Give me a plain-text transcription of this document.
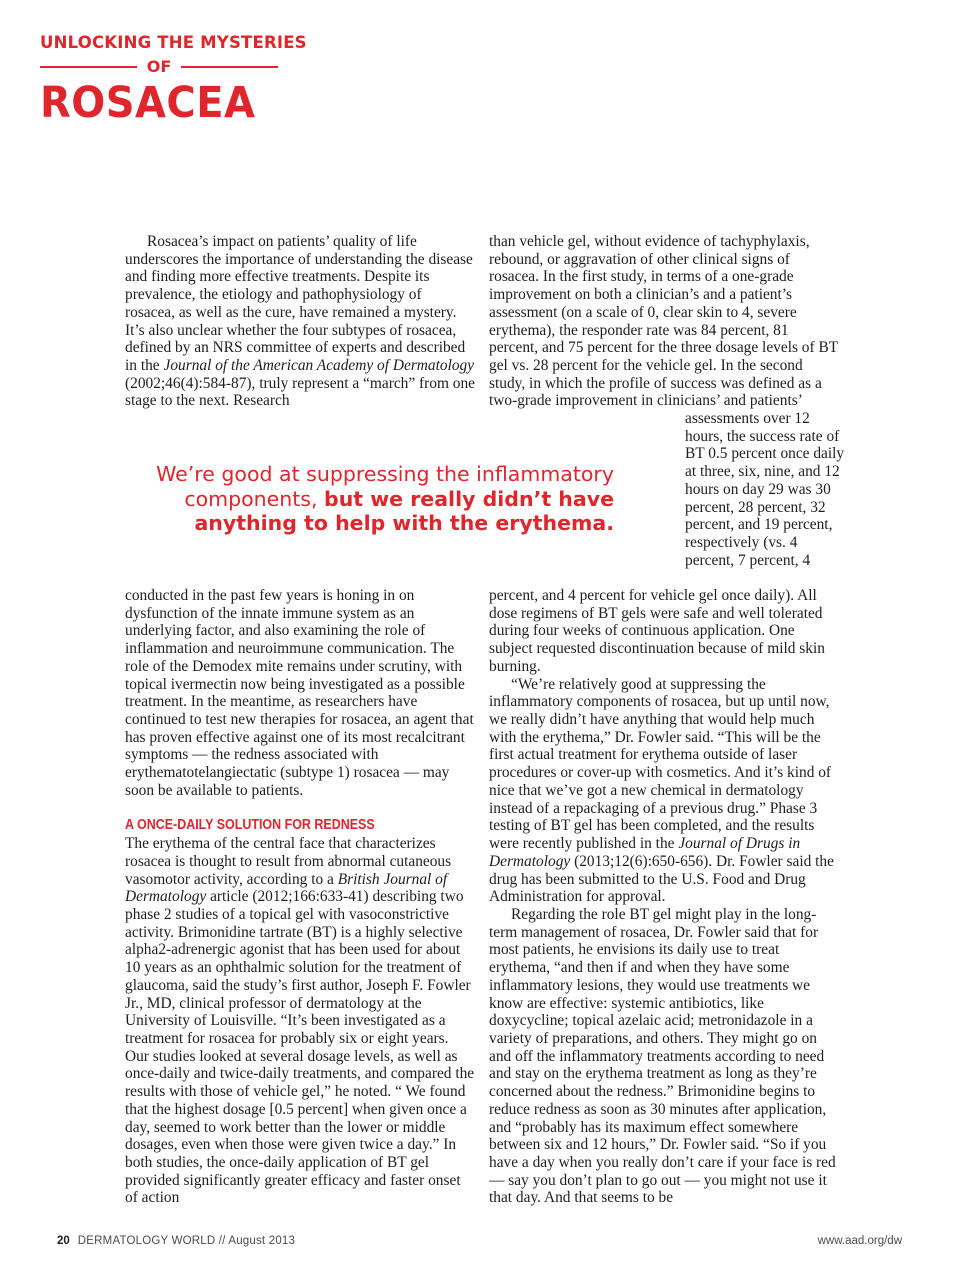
UNLOCKING THE MYSTERIES
OF
ROSACEA

Rosacea’s impact on patients’ quality of life underscores the importance of understanding the disease and finding more effective treatments. Despite its prevalence, the etiology and pathophysiology of rosacea, as well as the cure, have remained a mystery. It’s also unclear whether the four subtypes of rosacea, defined by an NRS committee of experts and described in the Journal of the American Academy of Dermatology (2002;46(4):584-87), truly represent a “march” from one stage to the next. Research

We’re good at suppressing the inflammatory components, but we really didn’t have anything to help with the erythema.

conducted in the past few years is honing in on dysfunction of the innate immune system as an underlying factor, and also examining the role of inflammation and neuroimmune communication. The role of the Demodex mite remains under scrutiny, with topical ivermectin now being investigated as a possible treatment. In the meantime, as researchers have continued to test new therapies for rosacea, an agent that has proven effective against one of its most recalcitrant symptoms — the redness associated with erythematotelangiectatic (subtype 1) rosacea — may soon be available to patients.

A ONCE-DAILY SOLUTION FOR REDNESS

The erythema of the central face that characterizes rosacea is thought to result from abnormal cutaneous vasomotor activity, according to a British Journal of Dermatology article (2012;166:633-41) describing two phase 2 studies of a topical gel with vasoconstrictive activity. Brimonidine tartrate (BT) is a highly selective alpha2-adrenergic agonist that has been used for about 10 years as an ophthalmic solution for the treatment of glaucoma, said the study’s first author, Joseph F. Fowler Jr., MD, clinical professor of dermatology at the University of Louisville. “It’s been investigated as a treatment for rosacea for probably six or eight years. Our studies looked at several dosage levels, as well as once-daily and twice-daily treatments, and compared the results with those of vehicle gel,” he noted. “ We found that the highest dosage [0.5 percent] when given once a day, seemed to work better than the lower or middle dosages, even when those were given twice a day.” In both studies, the once-daily application of BT gel provided significantly greater efficacy and faster onset of action

than vehicle gel, without evidence of tachyphylaxis, rebound, or aggravation of other clinical signs of rosacea. In the first study, in terms of a one-grade improvement on both a clinician’s and a patient’s assessment (on a scale of 0, clear skin to 4, severe erythema), the responder rate was 84 percent, 81 percent, and 75 percent for the three dosage levels of BT gel vs. 28 percent for the vehicle gel. In the second study, in which the profile of success was defined as a two-grade improvement in clinicians’ and patients’

assessments over 12 hours, the success rate of BT 0.5 percent once daily at three, six, nine, and 12 hours on day 29 was 30 percent, 28 percent, 32 percent, and 19 percent, respectively (vs. 4 percent, 7 percent, 4

percent, and 4 percent for vehicle gel once daily). All dose regimens of BT gels were safe and well tolerated during four weeks of continuous application. One subject requested discontinuation because of mild skin burning.

“We’re relatively good at suppressing the inflammatory components of rosacea, but up until now, we really didn’t have anything that would help much with the erythema,” Dr. Fowler said. “This will be the first actual treatment for erythema outside of laser procedures or cover-up with cosmetics. And it’s kind of nice that we’ve got a new chemical in dermatology instead of a repackaging of a previous drug.” Phase 3 testing of BT gel has been completed, and the results were recently published in the Journal of Drugs in Dermatology (2013;12(6):650-656). Dr. Fowler said the drug has been submitted to the U.S. Food and Drug Administration for approval.

Regarding the role BT gel might play in the long-term management of rosacea, Dr. Fowler said that for most patients, he envisions its daily use to treat erythema, “and then if and when they have some inflammatory lesions, they would use treatments we know are effective: systemic antibiotics, like doxycycline; topical azelaic acid; metronidazole in a variety of preparations, and others. They might go on and off the inflammatory treatments according to need and stay on the erythema treatment as long as they’re concerned about the redness.” Brimonidine begins to reduce redness as soon as 30 minutes after application, and “probably has its maximum effect somewhere between six and 12 hours,” Dr. Fowler said. “So if you have a day when you really don’t care if your face is red — say you don’t plan to go out — you might not use it that day. And that seems to be

20 DERMATOLOGY WORLD // August 2013	www.aad.org/dw
